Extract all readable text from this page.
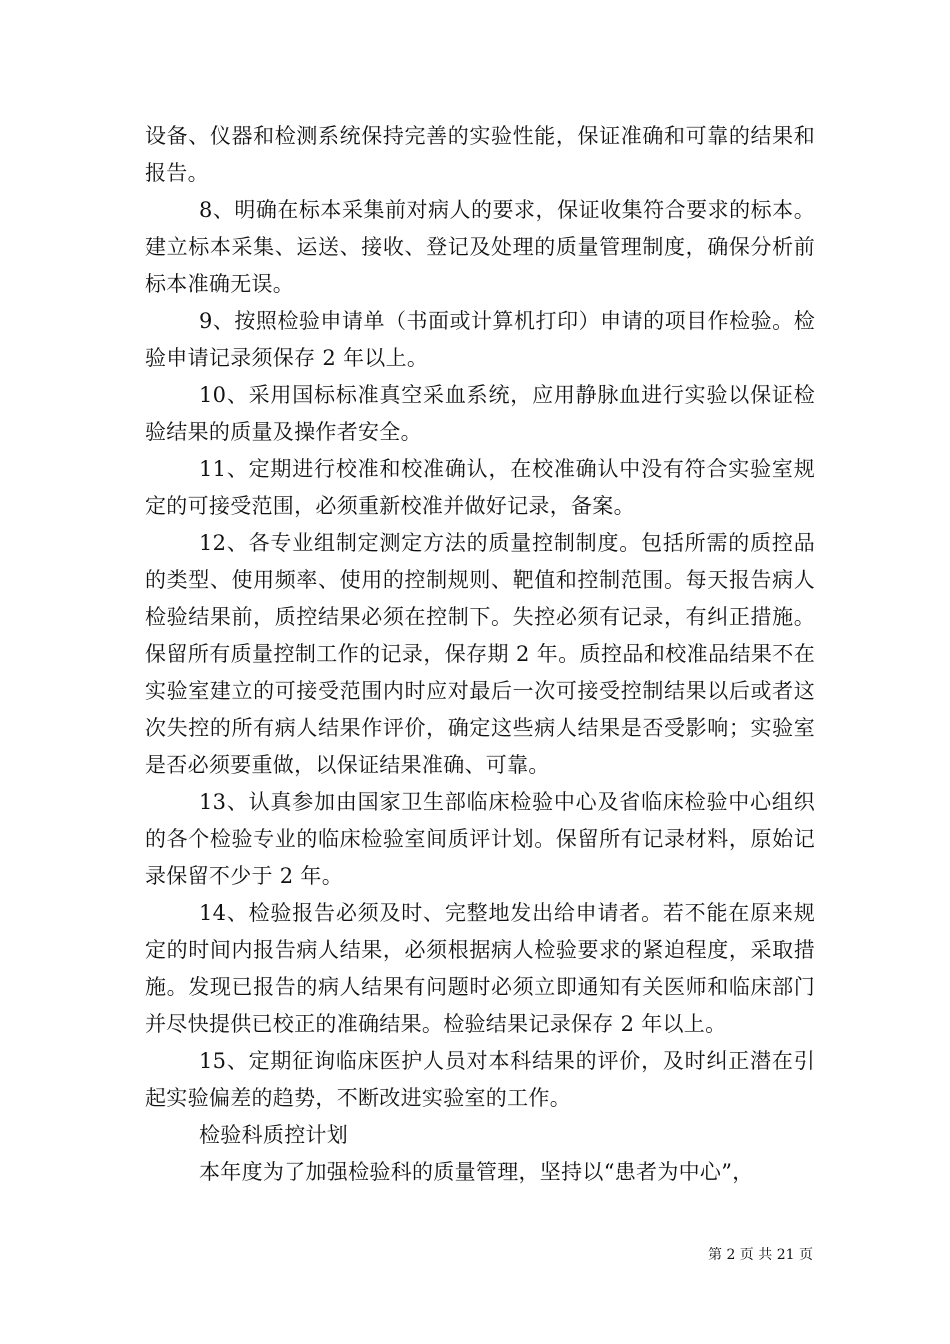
设备、仪器和检测系统保持完善的实验性能，保证准确和可靠的结果和报告。

8、明确在标本采集前对病人的要求，保证收集符合要求的标本。建立标本采集、运送、接收、登记及处理的质量管理制度，确保分析前标本准确无误。

9、按照检验申请单（书面或计算机打印）申请的项目作检验。检验申请记录须保存 2 年以上。

10、采用国标标准真空采血系统，应用静脉血进行实验以保证检验结果的质量及操作者安全。

11、定期进行校准和校准确认，在校准确认中没有符合实验室规定的可接受范围，必须重新校准并做好记录，备案。

12、各专业组制定测定方法的质量控制制度。包括所需的质控品的类型、使用频率、使用的控制规则、靶值和控制范围。每天报告病人检验结果前，质控结果必须在控制下。失控必须有记录，有纠正措施。保留所有质量控制工作的记录，保存期 2 年。质控品和校准品结果不在实验室建立的可接受范围内时应对最后一次可接受控制结果以后或者这次失控的所有病人结果作评价，确定这些病人结果是否受影响；实验室是否必须要重做，以保证结果准确、可靠。

13、认真参加由国家卫生部临床检验中心及省临床检验中心组织的各个检验专业的临床检验室间质评计划。保留所有记录材料，原始记录保留不少于 2 年。

14、检验报告必须及时、完整地发出给申请者。若不能在原来规定的时间内报告病人结果，必须根据病人检验要求的紧迫程度，采取措施。发现已报告的病人结果有问题时必须立即通知有关医师和临床部门并尽快提供已校正的准确结果。检验结果记录保存 2 年以上。

15、定期征询临床医护人员对本科结果的评价，及时纠正潜在引起实验偏差的趋势，不断改进实验室的工作。

检验科质控计划

本年度为了加强检验科的质量管理，坚持以“患者为中心”，

第 2 页 共 21 页
